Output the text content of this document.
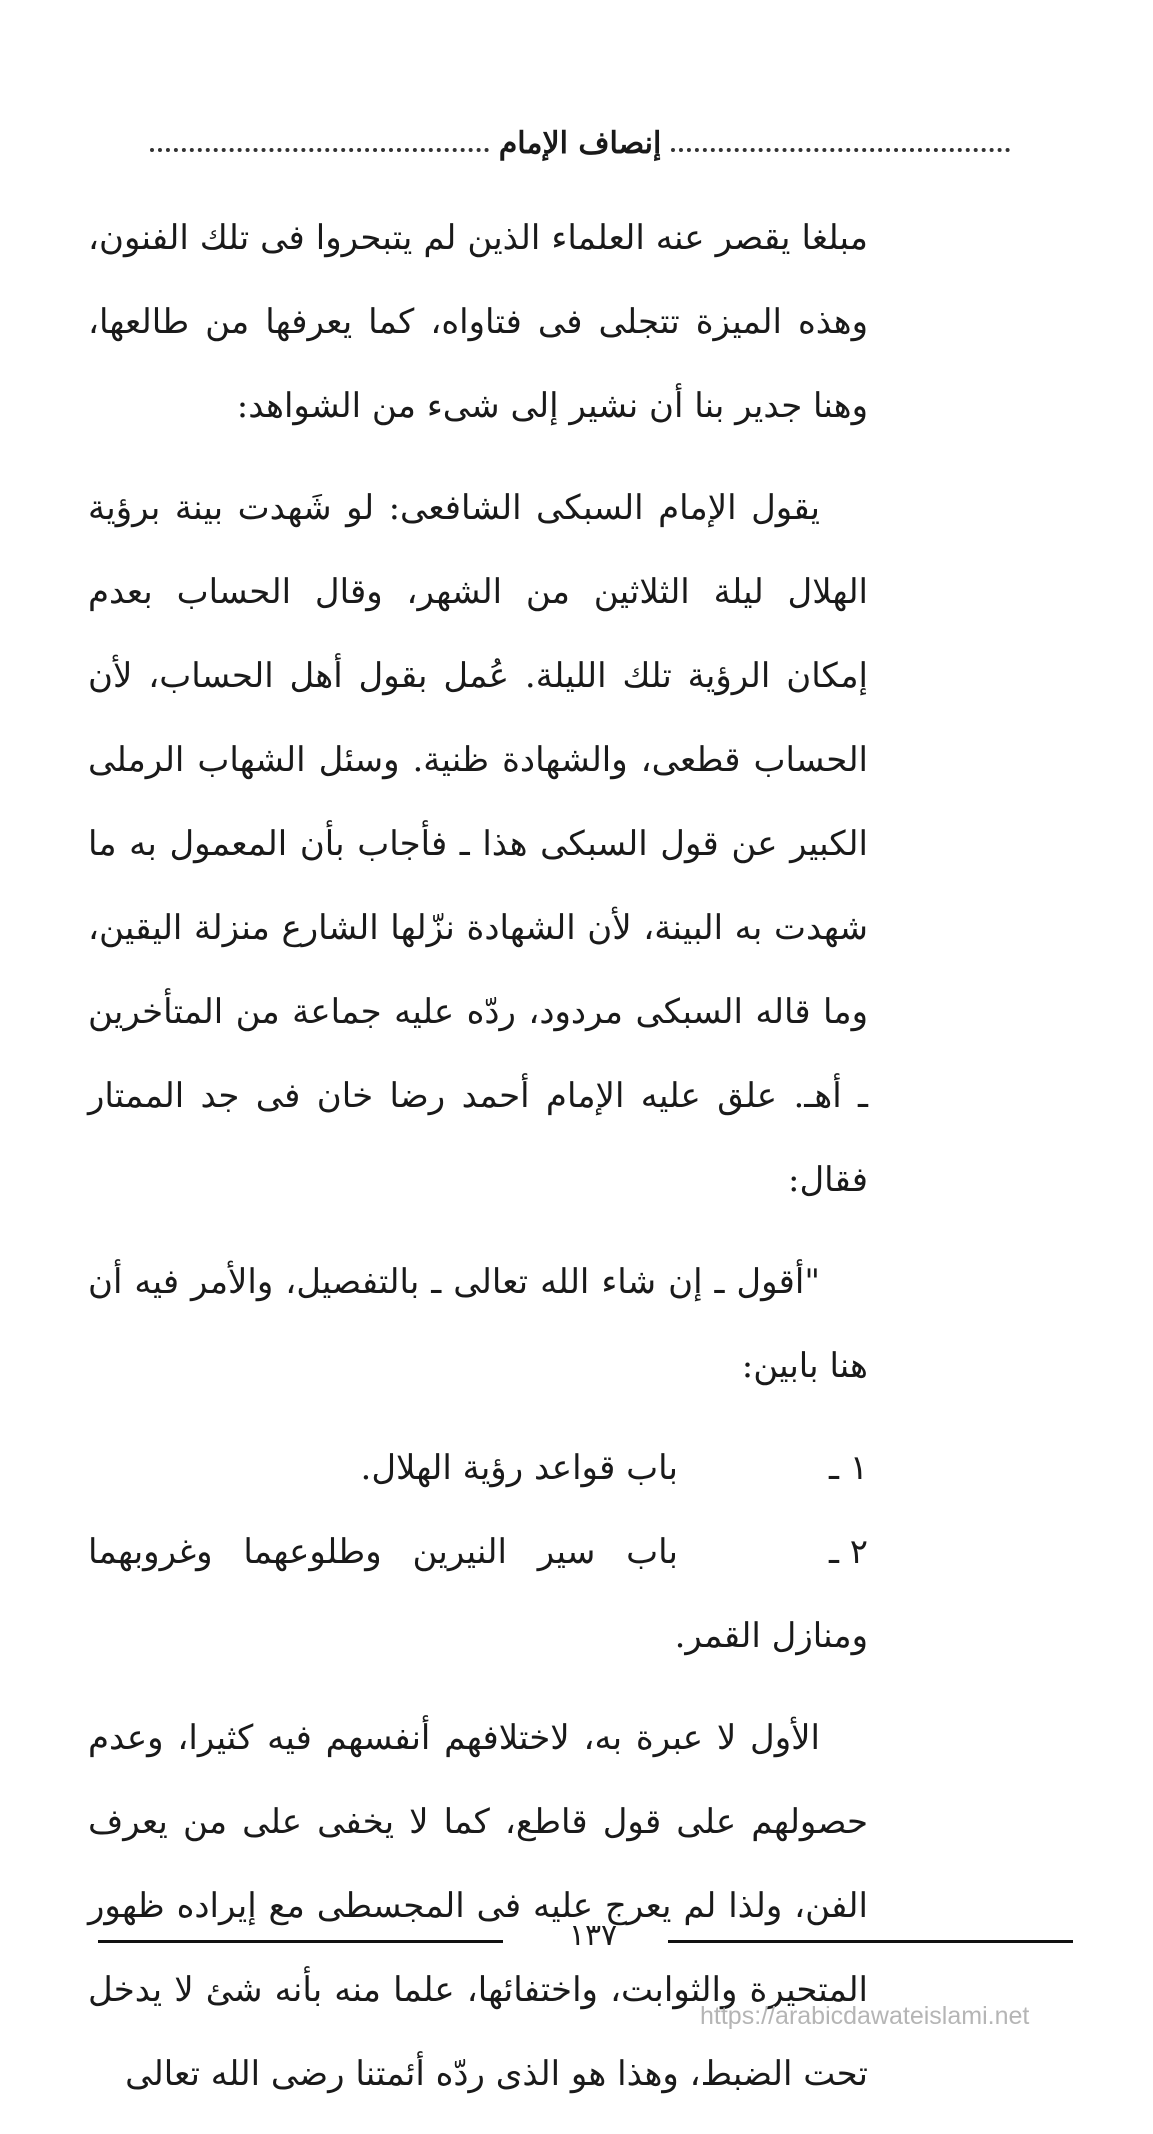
إنصاف الإمام

مبلغا يقصر عنه العلماء الذين لم يتبحروا فى تلك الفنون، وهذه الميزة تتجلى فى فتاواه، كما يعرفها من طالعها، وهنا جدير بنا أن نشير إلى شىء من الشواهد:

يقول الإمام السبكى الشافعى: لو شَهدت بينة برؤية الهلال ليلة الثلاثين من الشهر، وقال الحساب بعدم إمكان الرؤية تلك الليلة. عُمل بقول أهل الحساب، لأن الحساب قطعى، والشهادة ظنية. وسئل الشهاب الرملى الكبير عن قول السبكى هذا ـ فأجاب بأن المعمول به ما شهدت به البينة، لأن الشهادة نزّلها الشارع منزلة اليقين، وما قاله السبكى مردود، ردّه عليه جماعة من المتأخرين ـ أهـ. علق عليه الإمام أحمد رضا خان فى جد الممتار فقال:

"أقول ـ إن شاء الله تعالى ـ بالتفصيل، والأمر فيه أن هنا بابين:

١ ـ
باب قواعد رؤية الهلال.
٢ ـ
باب سير النيرين وطلوعهما وغروبهما

ومنازل القمر.

الأول لا عبرة به، لاختلافهم أنفسهم فيه كثيرا، وعدم حصولهم على قول قاطع، كما لا يخفى على من يعرف الفن، ولذا لم يعرج عليه فى المجسطى مع إيراده ظهور المتحيرة والثوابت، واختفائها، علما منه بأنه شئ لا يدخل تحت الضبط، وهذا هو الذى ردّه أئمتنا رضى الله تعالى

١٣٧
https://arabicdawateislami.net
